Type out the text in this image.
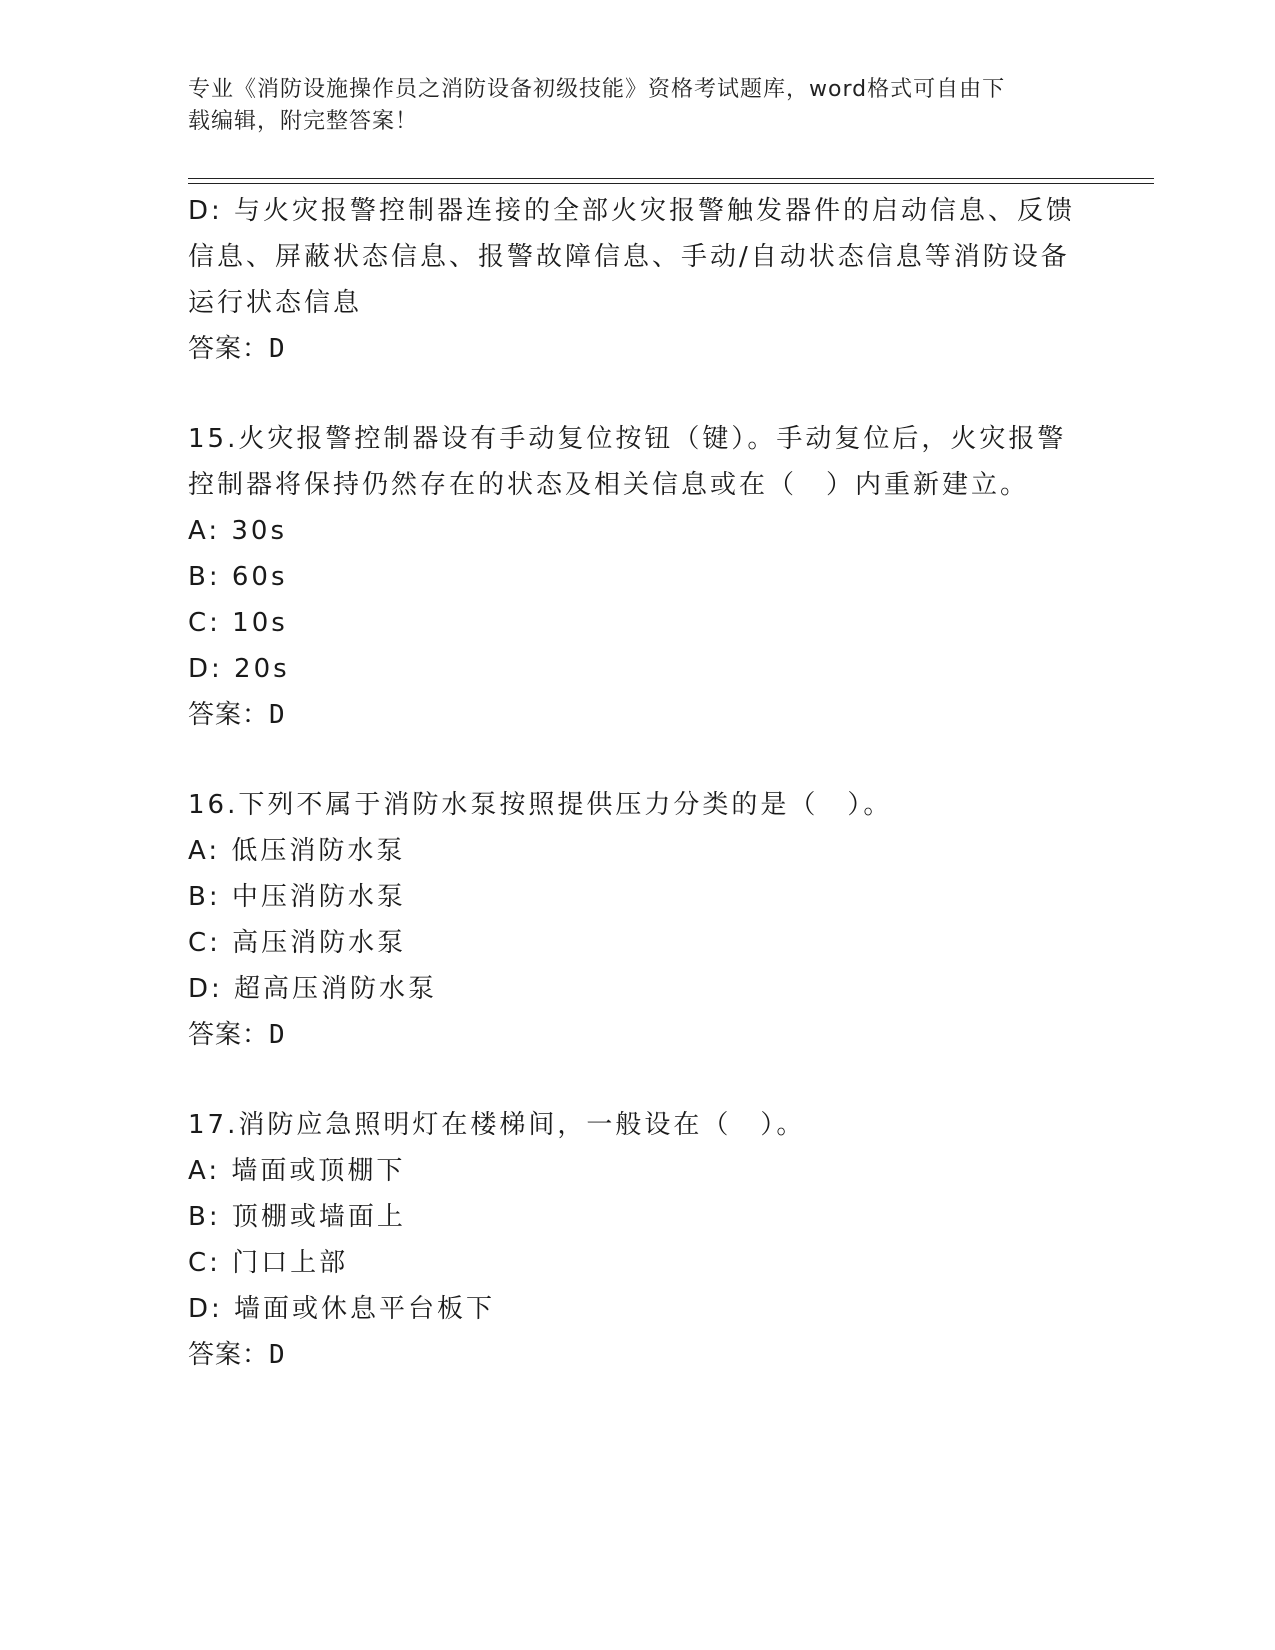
专业《消防设施操作员之消防设备初级技能》资格考试题库，word格式可自由下
载编辑，附完整答案！
D: 与火灾报警控制器连接的全部火灾报警触发器件的启动信息、反馈
信息、屏蔽状态信息、报警故障信息、手动/自动状态信息等消防设备
运行状态信息
答案：D
15.火灾报警控制器设有手动复位按钮（键）。手动复位后，火灾报警
控制器将保持仍然存在的状态及相关信息或在（　）内重新建立。
A: 30s
B: 60s
C: 10s
D: 20s
答案：D
16.下列不属于消防水泵按照提供压力分类的是（　）。
A: 低压消防水泵
B: 中压消防水泵
C: 高压消防水泵
D: 超高压消防水泵
答案：D
17.消防应急照明灯在楼梯间，一般设在（　）。
A: 墙面或顶棚下
B: 顶棚或墙面上
C: 门口上部
D: 墙面或休息平台板下
答案：D
